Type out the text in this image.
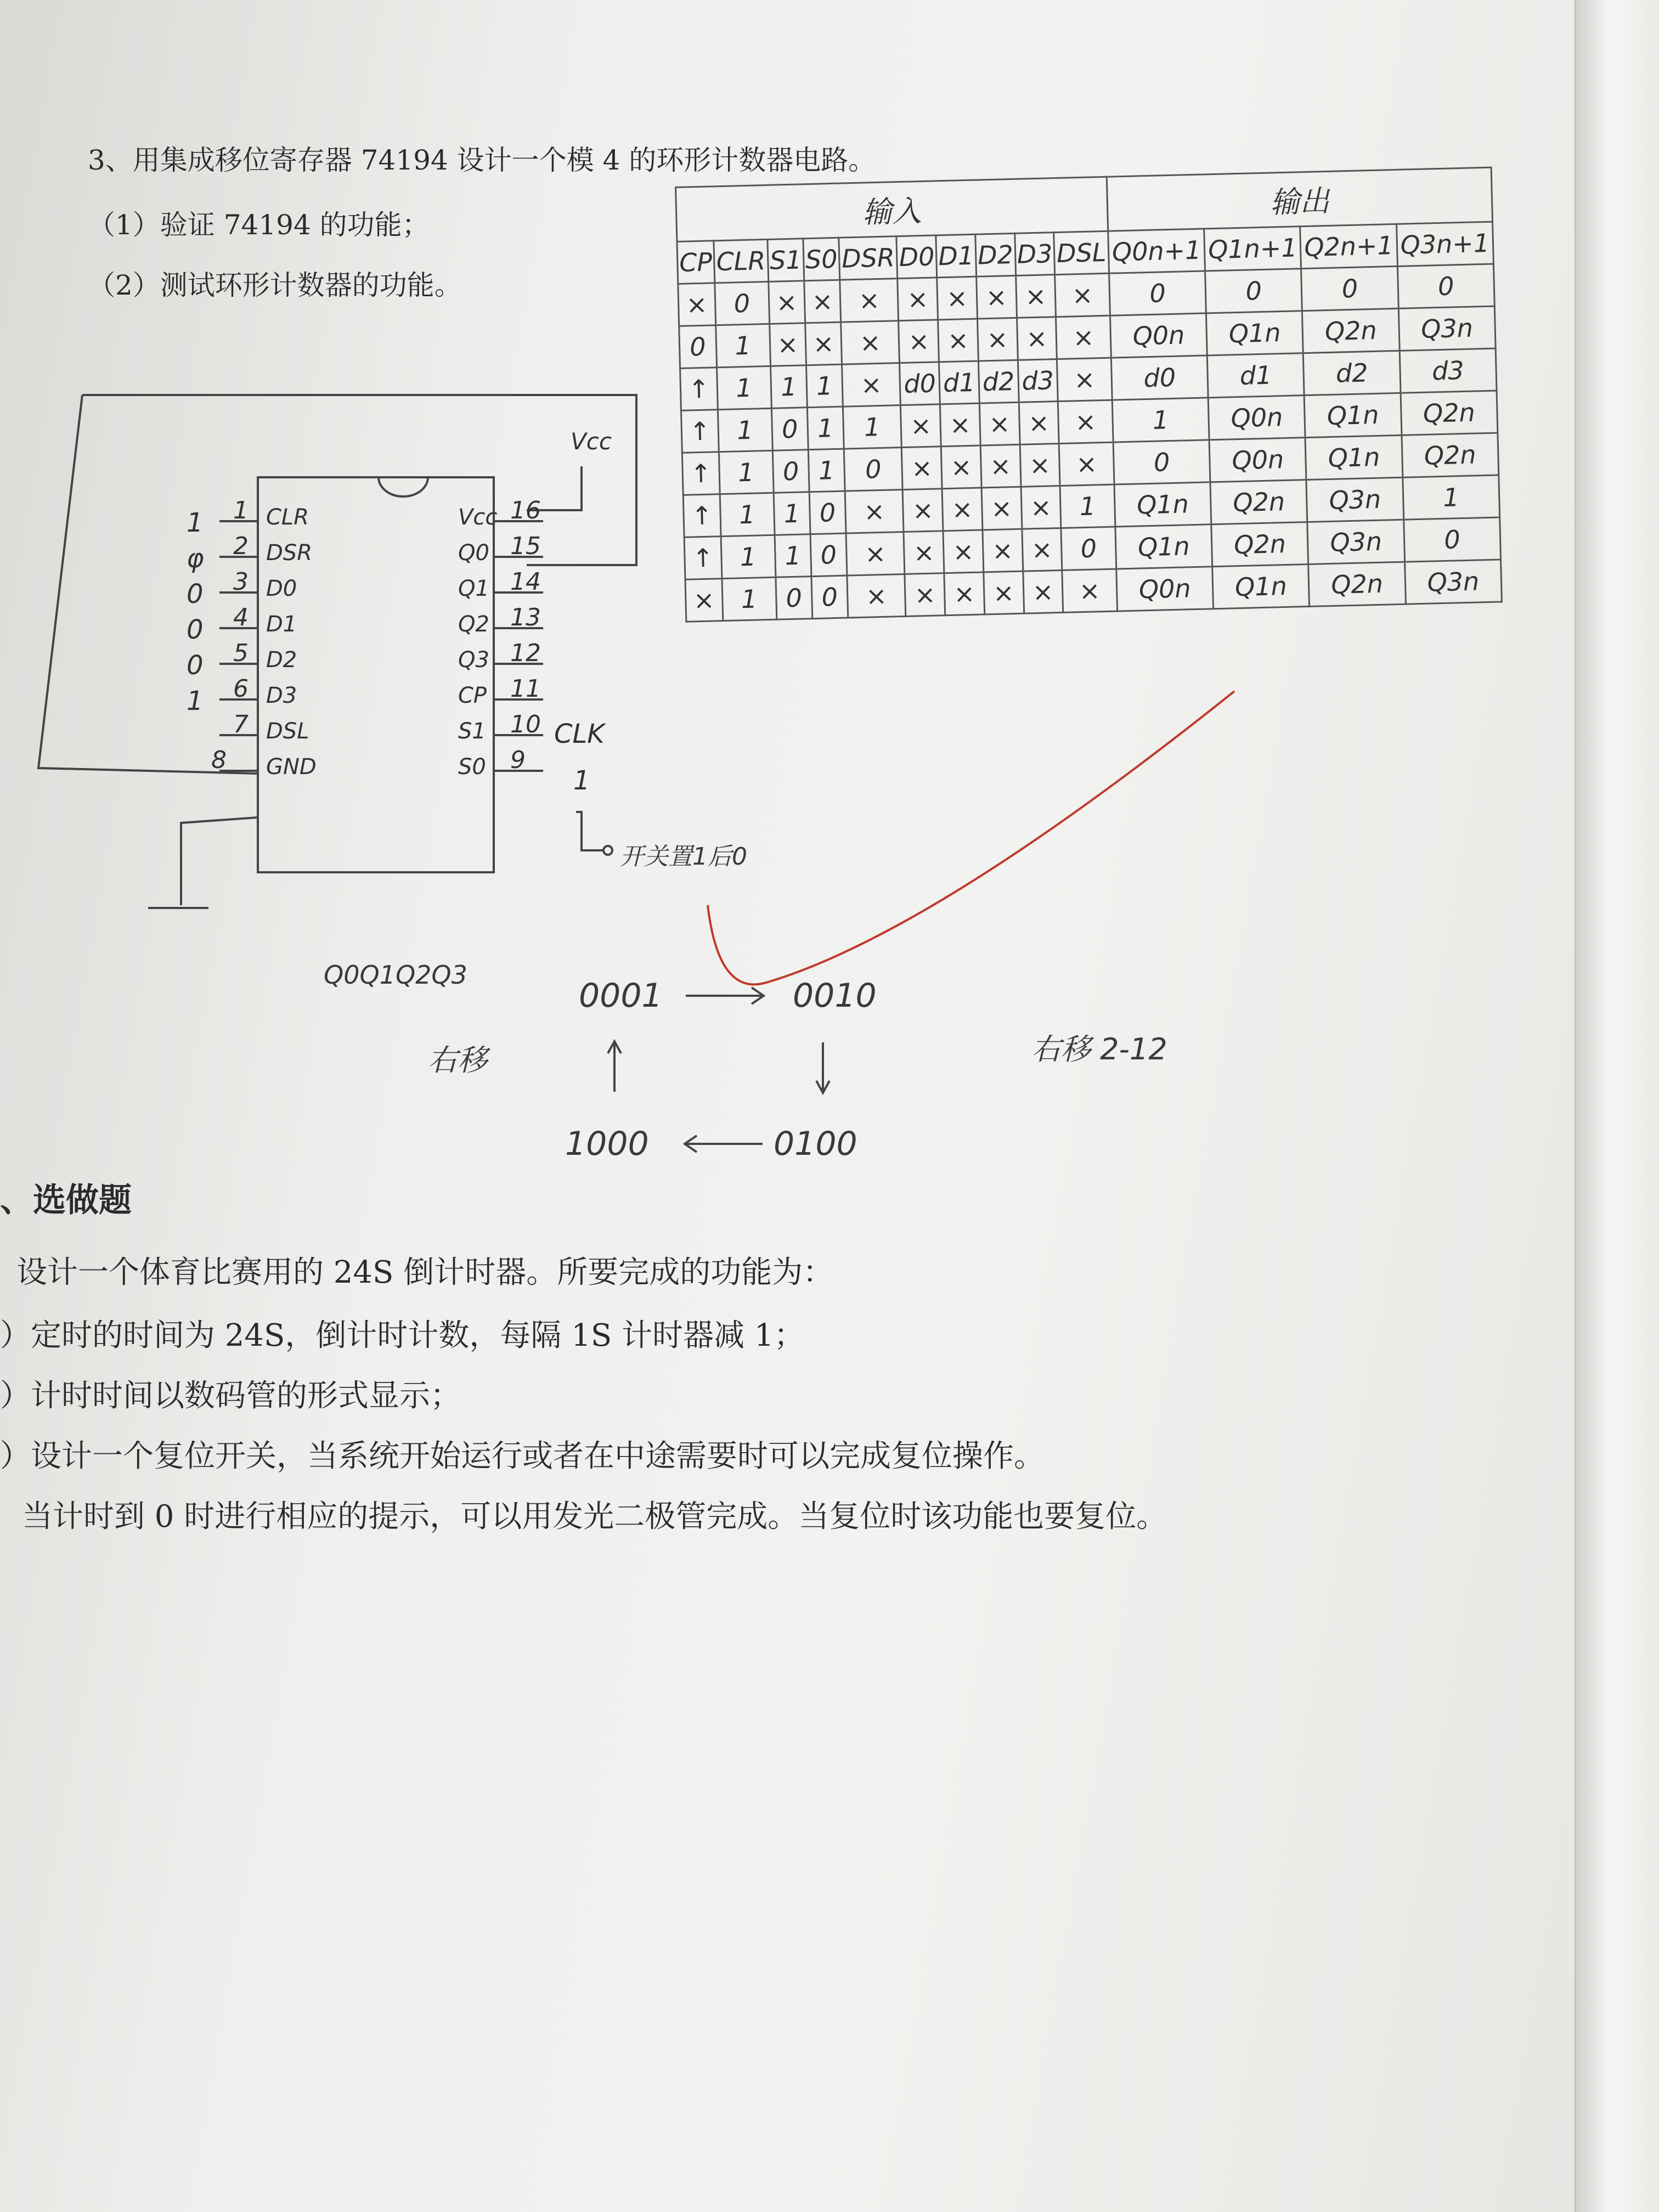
3、用集成移位寄存器 74194 设计一个模 4 的环形计数器电路。
（1）验证 74194 的功能；
（2）测试环形计数器的功能。
Vcc
1 CLR
1
2 DSR
φ
3 D0
0
4 D1
0
5 D2
0
6 D3
1
7 DSL
8 GND
16
Vcc
15
Q0
14
Q1
13
Q2
12
Q3
11
CP
10
S1
9
S0
CLK
1
开关置1后0
输入										输出			
CP	CLR	S1	S0	DSR	D0	D1	D2	D3	DSL	Q0n+1	Q1n+1	Q2n+1	Q3n+1
×	0	×	×	×	×	×	×	×	×	0	0	0	0
0	1	×	×	×	×	×	×	×	×	Q0n	Q1n	Q2n	Q3n
↑	1	1	1	×	d0	d1	d2	d3	×	d0	d1	d2	d3
↑	1	0	1	1	×	×	×	×	×	1	Q0n	Q1n	Q2n
↑	1	0	1	0	×	×	×	×	×	0	Q0n	Q1n	Q2n
↑	1	1	0	×	×	×	×	×	1	Q1n	Q2n	Q3n	1
↑	1	1	0	×	×	×	×	×	0	Q1n	Q2n	Q3n	0
×	1	0	0	×	×	×	×	×	×	Q0n	Q1n	Q2n	Q3n
Q0Q1Q2Q3
0001	0010
0100
1000
右移	右移 2-12
、选做题
设计一个体育比赛用的 24S 倒计时器。所要完成的功能为：
）定时的时间为 24S，倒计时计数，每隔 1S 计时器减 1；
）计时时间以数码管的形式显示；
）设计一个复位开关，当系统开始运行或者在中途需要时可以完成复位操作。
当计时到 0 时进行相应的提示，可以用发光二极管完成。当复位时该功能也要复位。
